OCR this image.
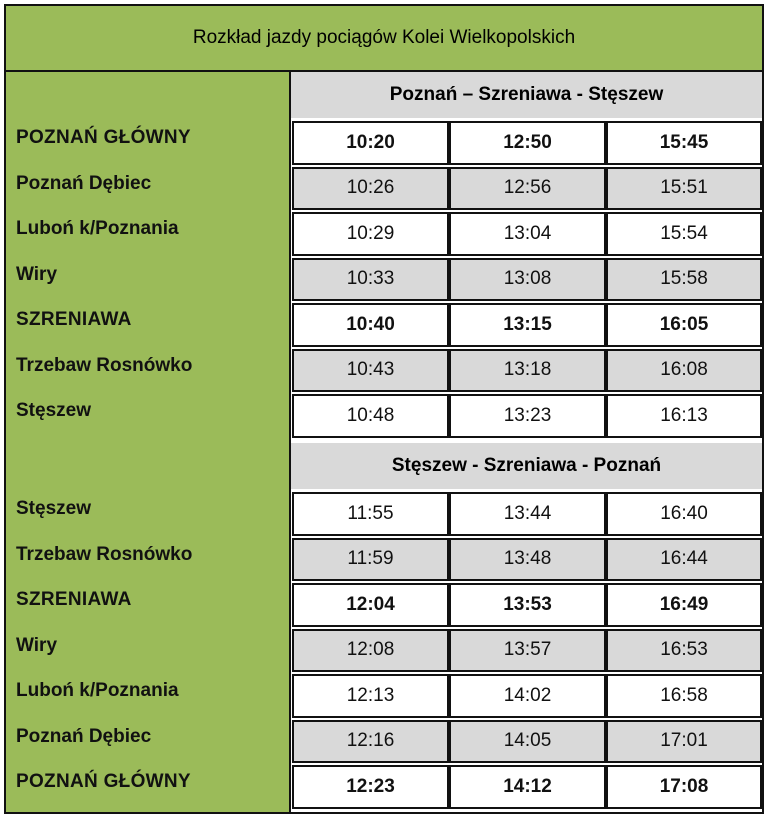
Rozkład jazdy pociągów Kolei Wielkopolskich
Poznań – Szreniawa - Stęszew
POZNAŃ GŁÓWNY	10:20	12:50	15:45
Poznań Dębiec	10:26	12:56	15:51
Luboń k/Poznania	10:29	13:04	15:54
Wiry	10:33	13:08	15:58
SZRENIAWA	10:40	13:15	16:05
Trzebaw Rosnówko	10:43	13:18	16:08
Stęszew	10:48	13:23	16:13
Stęszew - Szreniawa - Poznań
Stęszew	11:55	13:44	16:40
Trzebaw Rosnówko	11:59	13:48	16:44
SZRENIAWA	12:04	13:53	16:49
Wiry	12:08	13:57	16:53
Luboń k/Poznania	12:13	14:02	16:58
Poznań Dębiec	12:16	14:05	17:01
POZNAŃ GŁÓWNY	12:23	14:12	17:08
